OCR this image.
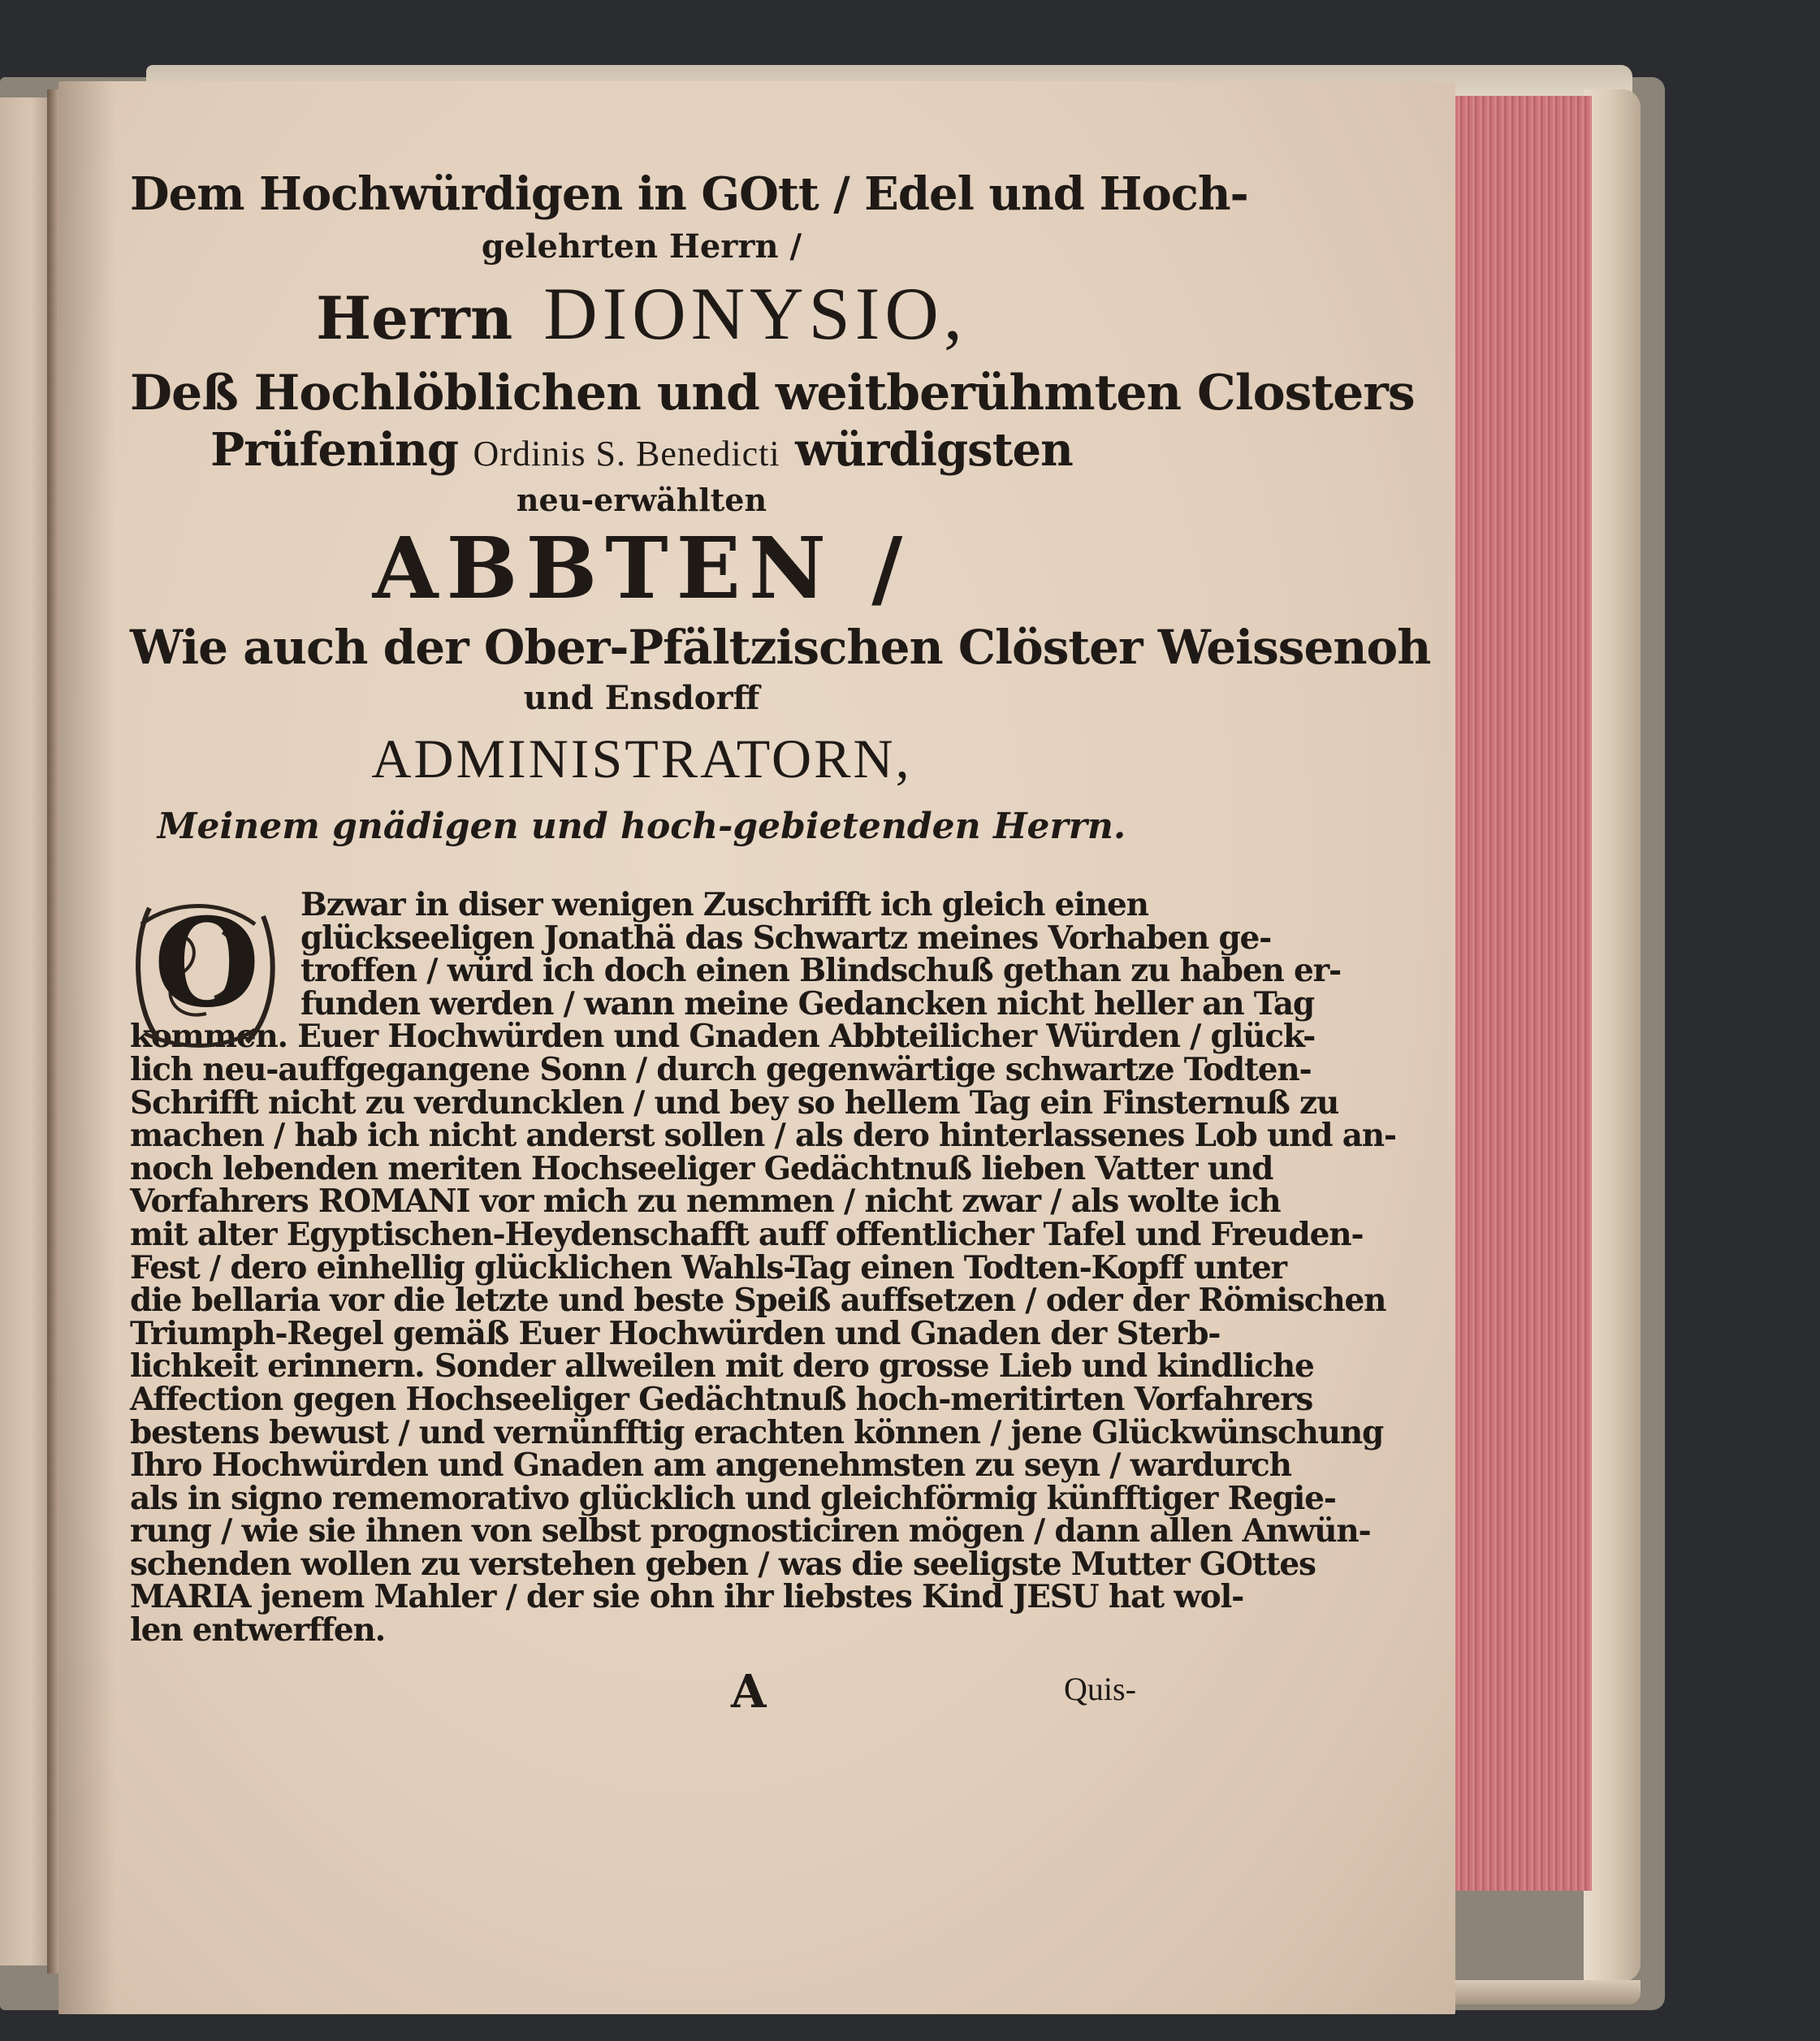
Dem Hochwürdigen in GOtt / Edel und Hoch-

gelehrten Herrn /

Herrn DIONYSIO,

Deß Hochlöblichen und weitberühmten Closters

Prüfening Ordinis S. Benedicti würdigsten

neu-erwählten

ABBTEN /

Wie auch der Ober-Pfältzischen Clöster Weissenoh

und Ensdorff

ADMINISTRATORN,

Meinem gnädigen und hoch-gebietenden Herrn.

O	Bzwar in diser wenigen Zuschrifft ich gleich einen

glückseeligen Jonathä das Schwartz meines Vorhaben ge-

troffen / würd ich doch einen Blindschuß gethan zu haben er-

funden werden / wann meine Gedancken nicht heller an Tag

kommen. Euer Hochwürden und Gnaden Abbteilicher Würden / glück-

lich neu-auffgegangene Sonn / durch gegenwärtige schwartze Todten-

Schrifft nicht zu verduncklen / und bey so hellem Tag ein Finsternuß zu

machen / hab ich nicht anderst sollen / als dero hinterlassenes Lob und an-

noch lebenden meriten Hochseeliger Gedächtnuß lieben Vatter und

Vorfahrers ROMANI vor mich zu nemmen / nicht zwar / als wolte ich

mit alter Egyptischen-Heydenschafft auff offentlicher Tafel und Freuden-

Fest / dero einhellig glücklichen Wahls-Tag einen Todten-Kopff unter

die bellaria vor die letzte und beste Speiß auffsetzen / oder der Römischen

Triumph-Regel gemäß Euer Hochwürden und Gnaden der Sterb-

lichkeit erinnern. Sonder allweilen mit dero grosse Lieb und kindliche

Affection gegen Hochseeliger Gedächtnuß hoch-meritirten Vorfahrers

bestens bewust / und vernünfftig erachten können / jene Glückwünschung

Ihro Hochwürden und Gnaden am angenehmsten zu seyn / wardurch

als in signo rememorativo glücklich und gleichförmig künfftiger Regie-

rung / wie sie ihnen von selbst prognosticiren mögen / dann allen Anwün-

schenden wollen zu verstehen geben / was die seeligste Mutter GOttes

MARIA jenem Mahler / der sie ohn ihr liebstes Kind JESU hat wol-

len entwerffen.

A	Quis-
